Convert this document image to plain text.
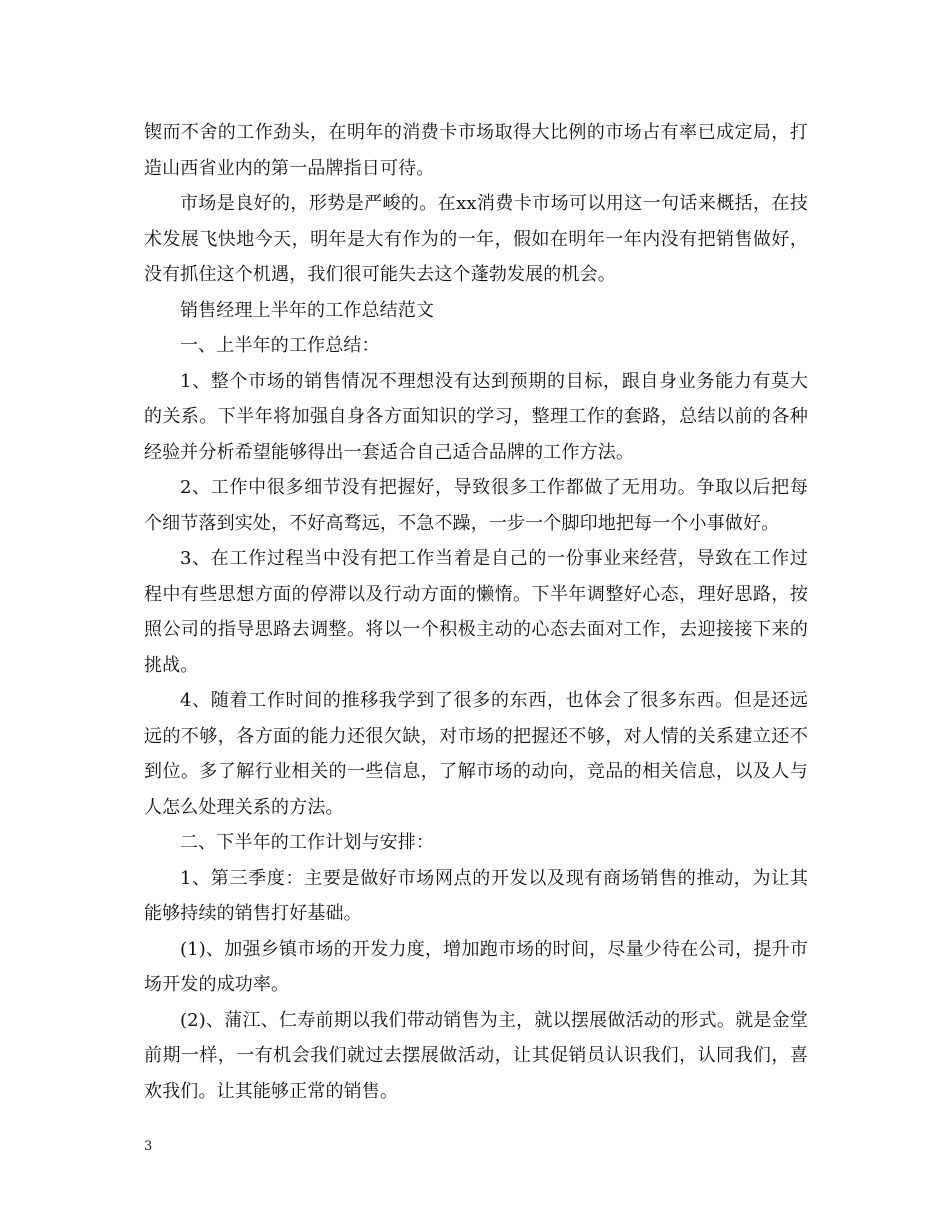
锲而不舍的工作劲头，在明年的消费卡市场取得大比例的市场占有率已成定局，打造山西省业内的第一品牌指日可待。

市场是良好的，形势是严峻的。在xx消费卡市场可以用这一句话来概括，在技术发展飞快地今天，明年是大有作为的一年，假如在明年一年内没有把销售做好，没有抓住这个机遇，我们很可能失去这个蓬勃发展的机会。

销售经理上半年的工作总结范文

一、上半年的工作总结：

1、整个市场的销售情况不理想没有达到预期的目标，跟自身业务能力有莫大的关系。下半年将加强自身各方面知识的学习，整理工作的套路，总结以前的各种经验并分析希望能够得出一套适合自己适合品牌的工作方法。

2、工作中很多细节没有把握好，导致很多工作都做了无用功。争取以后把每个细节落到实处，不好高骛远，不急不躁，一步一个脚印地把每一个小事做好。

3、在工作过程当中没有把工作当着是自己的一份事业来经营，导致在工作过程中有些思想方面的停滞以及行动方面的懒惰。下半年调整好心态，理好思路，按照公司的指导思路去调整。将以一个积极主动的心态去面对工作，去迎接接下来的挑战。

4、随着工作时间的推移我学到了很多的东西，也体会了很多东西。但是还远远的不够，各方面的能力还很欠缺，对市场的把握还不够，对人情的关系建立还不到位。多了解行业相关的一些信息，了解市场的动向，竞品的相关信息，以及人与人怎么处理关系的方法。

二、下半年的工作计划与安排：

1、第三季度：主要是做好市场网点的开发以及现有商场销售的推动，为让其能够持续的销售打好基础。

(1)、加强乡镇市场的开发力度，增加跑市场的时间，尽量少待在公司，提升市场开发的成功率。

(2)、蒲江、仁寿前期以我们带动销售为主，就以摆展做活动的形式。就是金堂前期一样，一有机会我们就过去摆展做活动，让其促销员认识我们，认同我们，喜欢我们。让其能够正常的销售。

3
